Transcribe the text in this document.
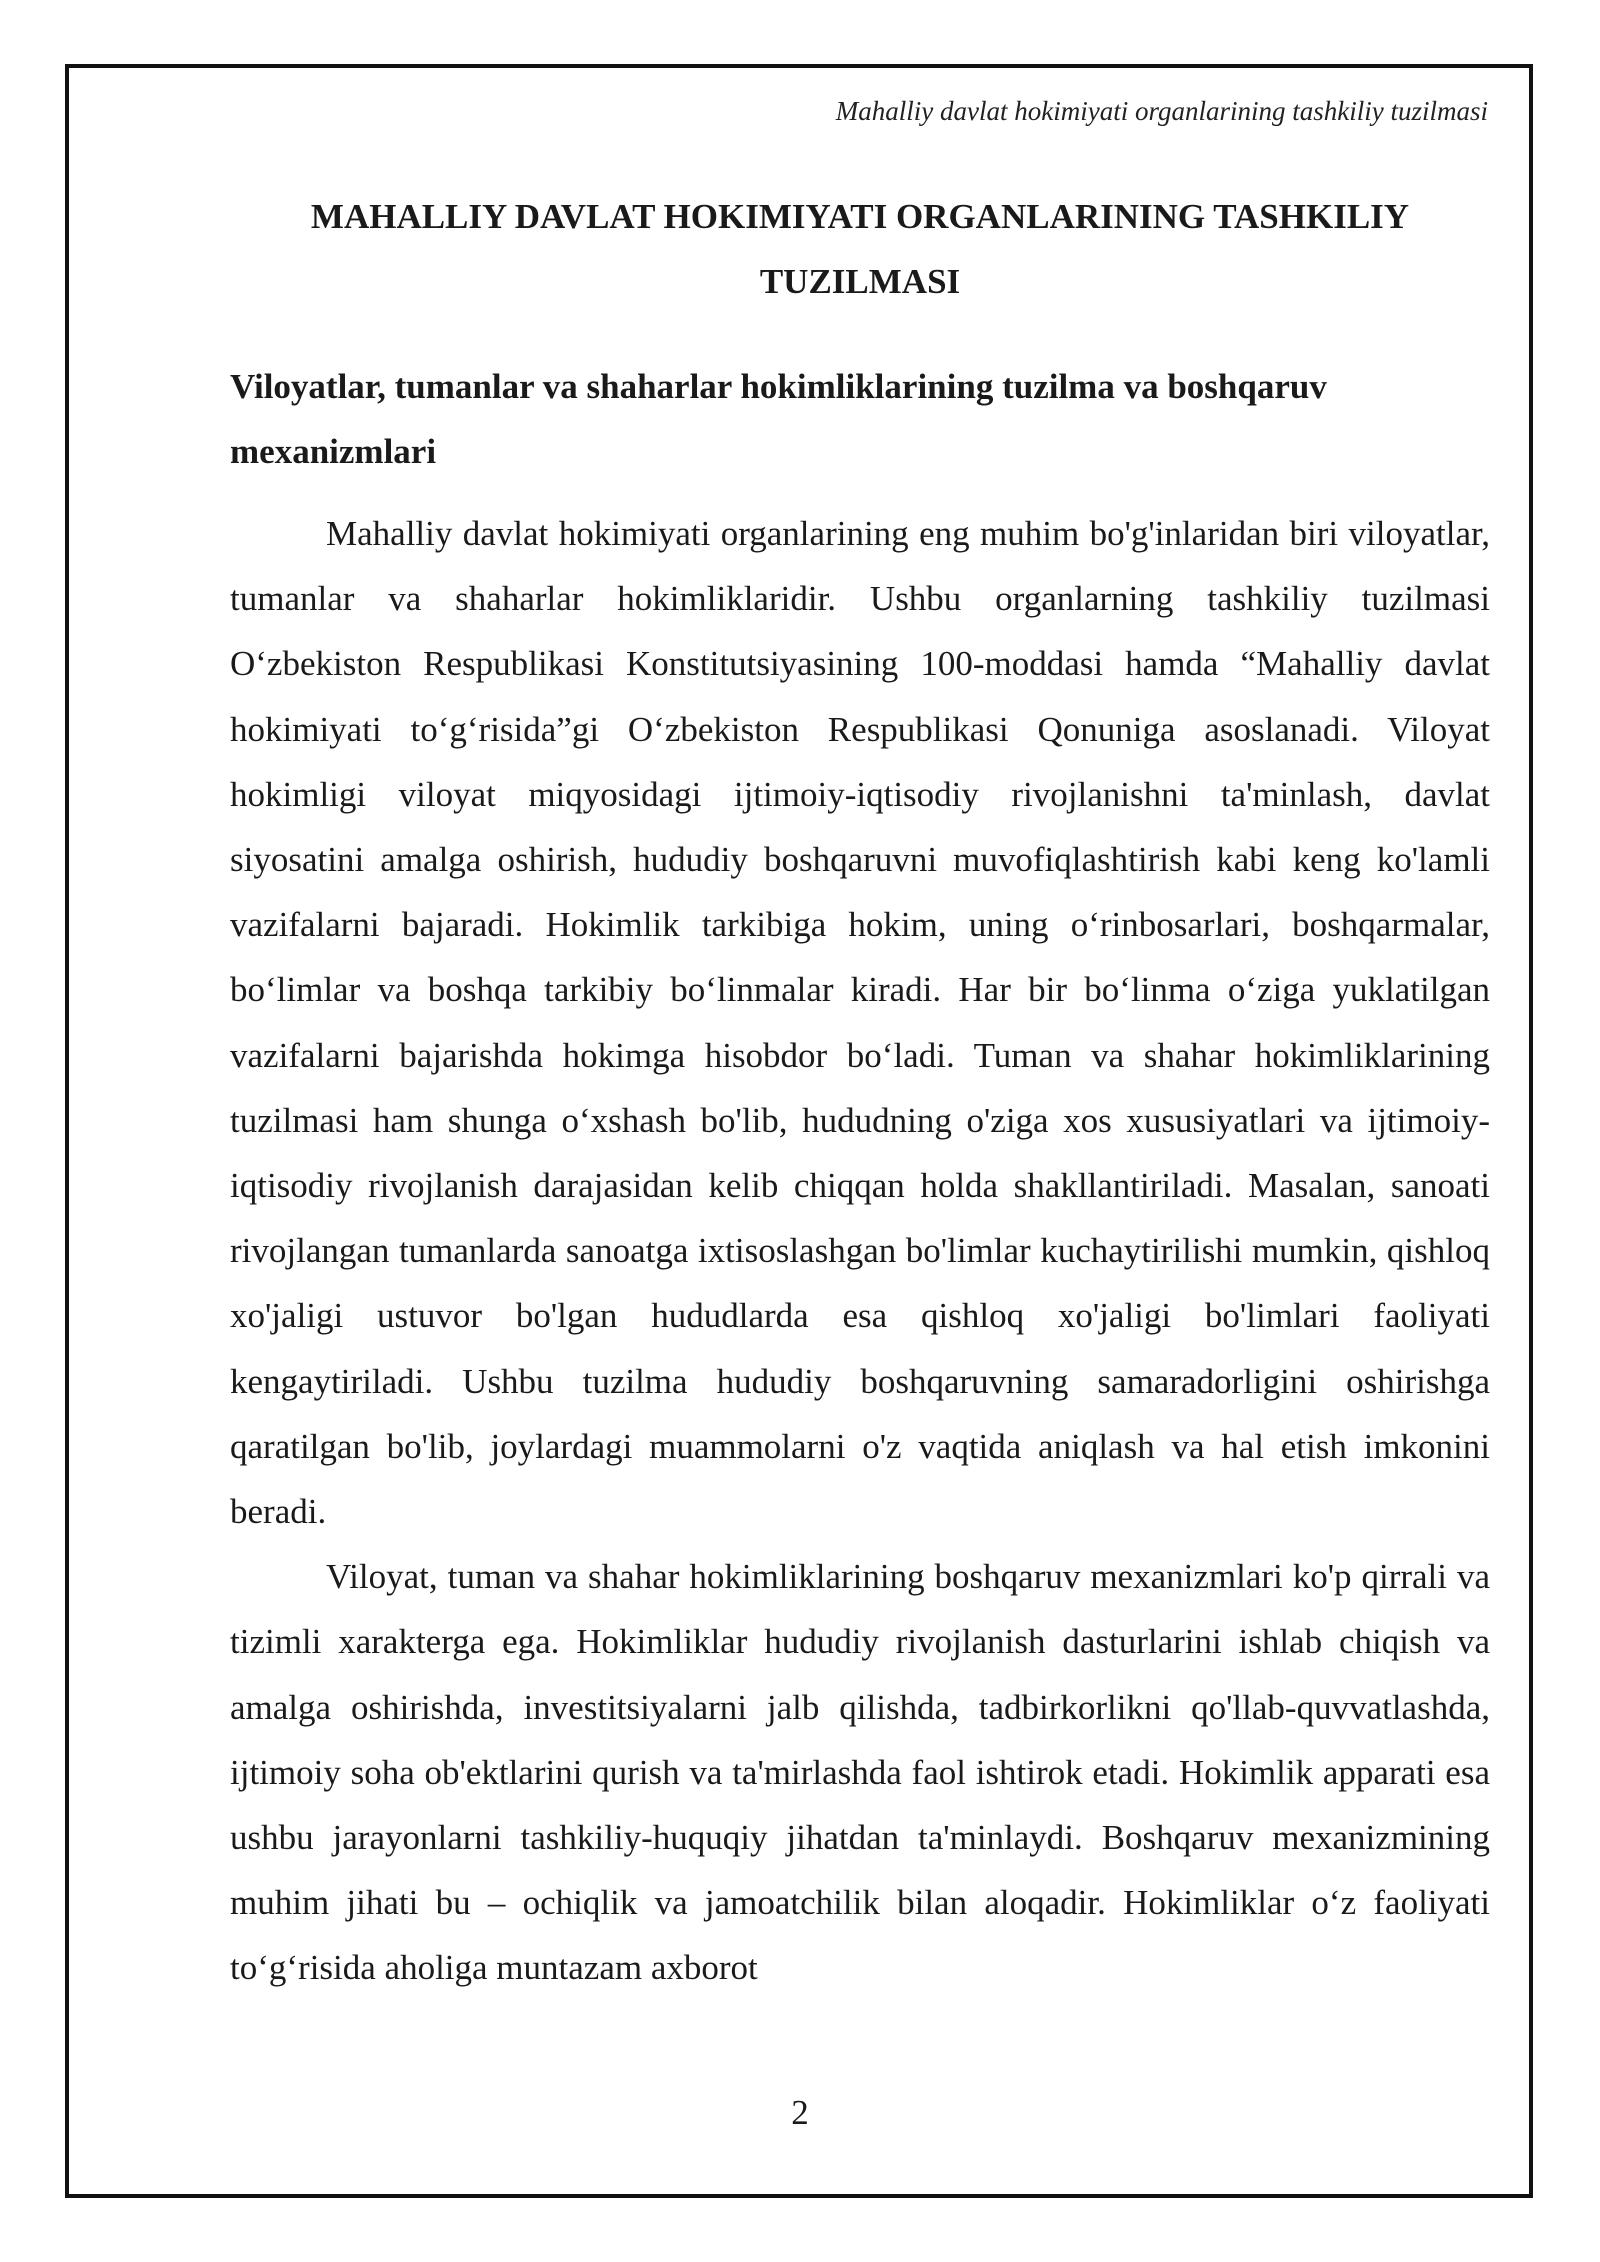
Mahalliy davlat hokimiyati organlarining tashkiliy tuzilmasi
MAHALLIY DAVLAT HOKIMIYATI ORGANLARINING TASHKILIY TUZILMASI
Viloyatlar, tumanlar va shaharlar hokimliklarining tuzilma va boshqaruv mexanizmlari

Mahalliy davlat hokimiyati organlarining eng muhim bo'g'inlaridan biri viloyatlar, tumanlar va shaharlar hokimliklaridir. Ushbu organlarning tashkiliy tuzilmasi O‘zbekiston Respublikasi Konstitutsiyasining 100-moddasi hamda “Mahalliy davlat hokimiyati to‘g‘risida”gi O‘zbekiston Respublikasi Qonuniga asoslanadi. Viloyat hokimligi viloyat miqyosidagi ijtimoiy-iqtisodiy rivojlanishni ta'minlash, davlat siyosatini amalga oshirish, hududiy boshqaruvni muvofiqlashtirish kabi keng ko'lamli vazifalarni bajaradi. Hokimlik tarkibiga hokim, uning o‘rinbosarlari, boshqarmalar, bo‘limlar va boshqa tarkibiy bo‘linmalar kiradi. Har bir bo‘linma o‘ziga yuklatilgan vazifalarni bajarishda hokimga hisobdor bo‘ladi. Tuman va shahar hokimliklarining tuzilmasi ham shunga o‘xshash bo'lib, hududning o'ziga xos xususiyatlari va ijtimoiy-iqtisodiy rivojlanish darajasidan kelib chiqqan holda shakllantiriladi. Masalan, sanoati rivojlangan tumanlarda sanoatga ixtisoslashgan bo'limlar kuchaytirilishi mumkin, qishloq xo'jaligi ustuvor bo'lgan hududlarda esa qishloq xo'jaligi bo'limlari faoliyati kengaytiriladi. Ushbu tuzilma hududiy boshqaruvning samaradorligini oshirishga qaratilgan bo'lib, joylardagi muammolarni o'z vaqtida aniqlash va hal etish imkonini beradi.

Viloyat, tuman va shahar hokimliklarining boshqaruv mexanizmlari ko'p qirrali va tizimli xarakterga ega. Hokimliklar hududiy rivojlanish dasturlarini ishlab chiqish va amalga oshirishda, investitsiyalarni jalb qilishda, tadbirkorlikni qo'llab-quvvatlashda, ijtimoiy soha ob'ektlarini qurish va ta'mirlashda faol ishtirok etadi. Hokimlik apparati esa ushbu jarayonlarni tashkiliy-huquqiy jihatdan ta'minlaydi. Boshqaruv mexanizmining muhim jihati bu – ochiqlik va jamoatchilik bilan aloqadir. Hokimliklar o‘z faoliyati to‘g‘risida aholiga muntazam axborot

2
